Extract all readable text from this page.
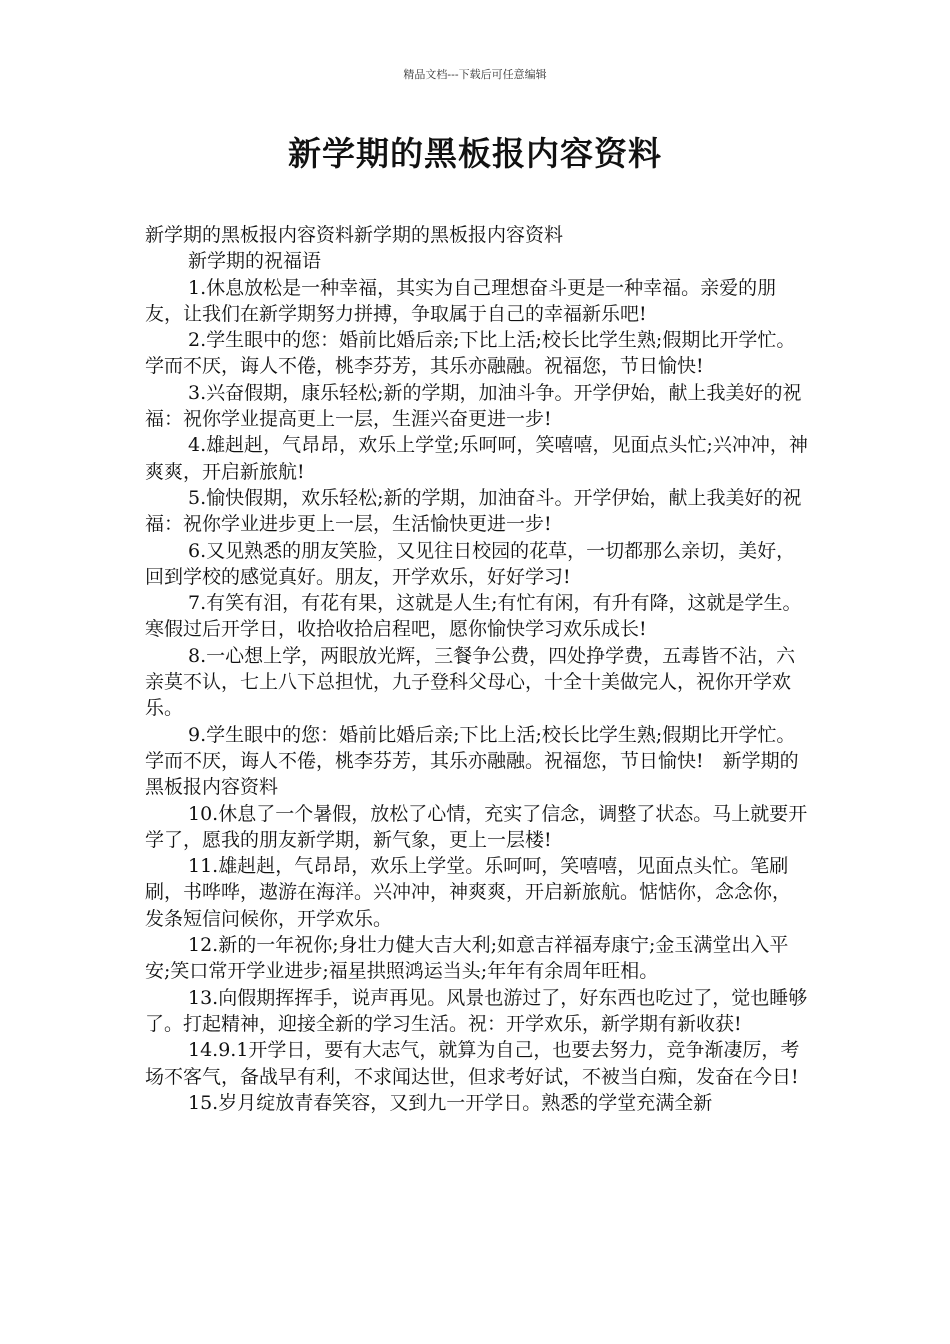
精品文档---下载后可任意编辑
新学期的黑板报内容资料

新学期的黑板报内容资料新学期的黑板报内容资料

新学期的祝福语

1.休息放松是一种幸福，其实为自己理想奋斗更是一种幸福。亲爱的朋友，让我们在新学期努力拼搏，争取属于自己的幸福新乐吧!

2.学生眼中的您：婚前比婚后亲;下比上活;校长比学生熟;假期比开学忙。学而不厌，诲人不倦，桃李芬芳，其乐亦融融。祝福您，节日愉快!

3.兴奋假期，康乐轻松;新的学期，加油斗争。开学伊始，献上我美好的祝福：祝你学业提高更上一层，生涯兴奋更进一步!

4.雄赳赳，气昂昂，欢乐上学堂;乐呵呵，笑嘻嘻，见面点头忙;兴冲冲，神爽爽，开启新旅航!

5.愉快假期，欢乐轻松;新的学期，加油奋斗。开学伊始，献上我美好的祝福：祝你学业进步更上一层，生活愉快更进一步!

6.又见熟悉的朋友笑脸，又见往日校园的花草，一切都那么亲切，美好，回到学校的感觉真好。朋友，开学欢乐，好好学习!

7.有笑有泪，有花有果，这就是人生;有忙有闲，有升有降，这就是学生。寒假过后开学日，收拾收拾启程吧，愿你愉快学习欢乐成长!

8.一心想上学，两眼放光辉，三餐争公费，四处挣学费，五毒皆不沾，六亲莫不认，七上八下总担忧，九子登科父母心，十全十美做完人，祝你开学欢乐。

9.学生眼中的您：婚前比婚后亲;下比上活;校长比学生熟;假期比开学忙。学而不厌，诲人不倦，桃李芬芳，其乐亦融融。祝福您，节日愉快!　新学期的黑板报内容资料

10.休息了一个暑假，放松了心情，充实了信念，调整了状态。马上就要开学了，愿我的朋友新学期，新气象，更上一层楼!

11.雄赳赳，气昂昂，欢乐上学堂。乐呵呵，笑嘻嘻，见面点头忙。笔刷刷，书哗哗，遨游在海洋。兴冲冲，神爽爽，开启新旅航。惦惦你，念念你，发条短信问候你，开学欢乐。

12.新的一年祝你;身壮力健大吉大利;如意吉祥福寿康宁;金玉满堂出入平安;笑口常开学业进步;福星拱照鸿运当头;年年有余周年旺相。

13.向假期挥挥手，说声再见。风景也游过了，好东西也吃过了，觉也睡够了。打起精神，迎接全新的学习生活。祝：开学欢乐，新学期有新收获!

14.9.1开学日，要有大志气，就算为自己，也要去努力，竞争渐凄厉，考场不客气，备战早有利，不求闻达世，但求考好试，不被当白痴，发奋在今日!

15.岁月绽放青春笑容，又到九一开学日。熟悉的学堂充满全新
